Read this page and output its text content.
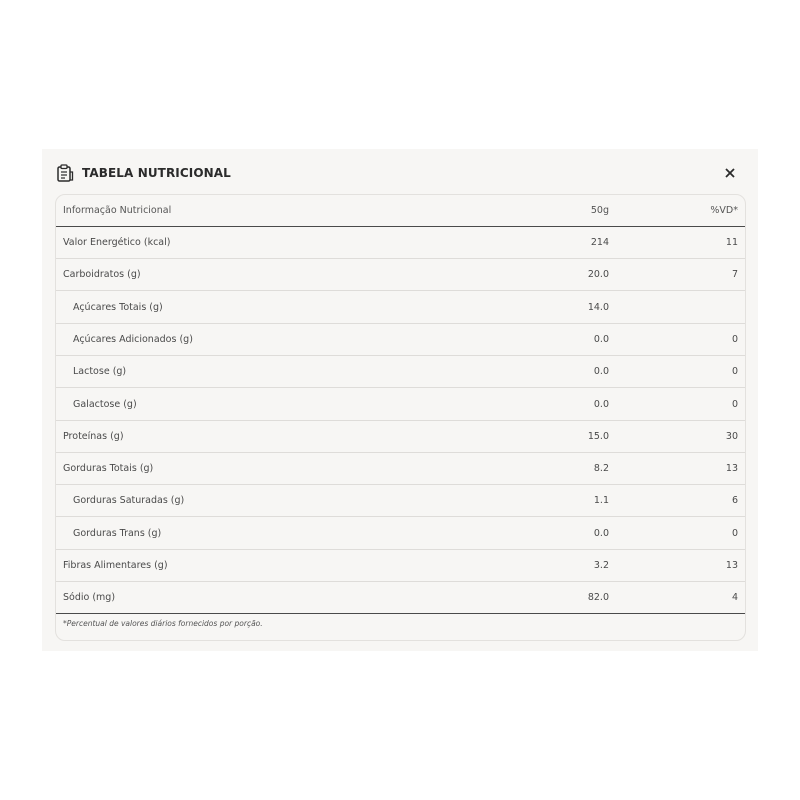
TABELA NUTRICIONAL
Informação Nutricional	50g	%VD*
Valor Energético (kcal)	214	11
Carboidratos (g)	20.0	7
Açúcares Totais (g)	14.0
Açúcares Adicionados (g)	0.0	0
Lactose (g)	0.0	0
Galactose (g)	0.0	0
Proteínas (g)	15.0	30
Gorduras Totais (g)	8.2	13
Gorduras Saturadas (g)	1.1	6
Gorduras Trans (g)	0.0	0
Fibras Alimentares (g)	3.2	13
Sódio (mg)	82.0	4
*Percentual de valores diários fornecidos por porção.
